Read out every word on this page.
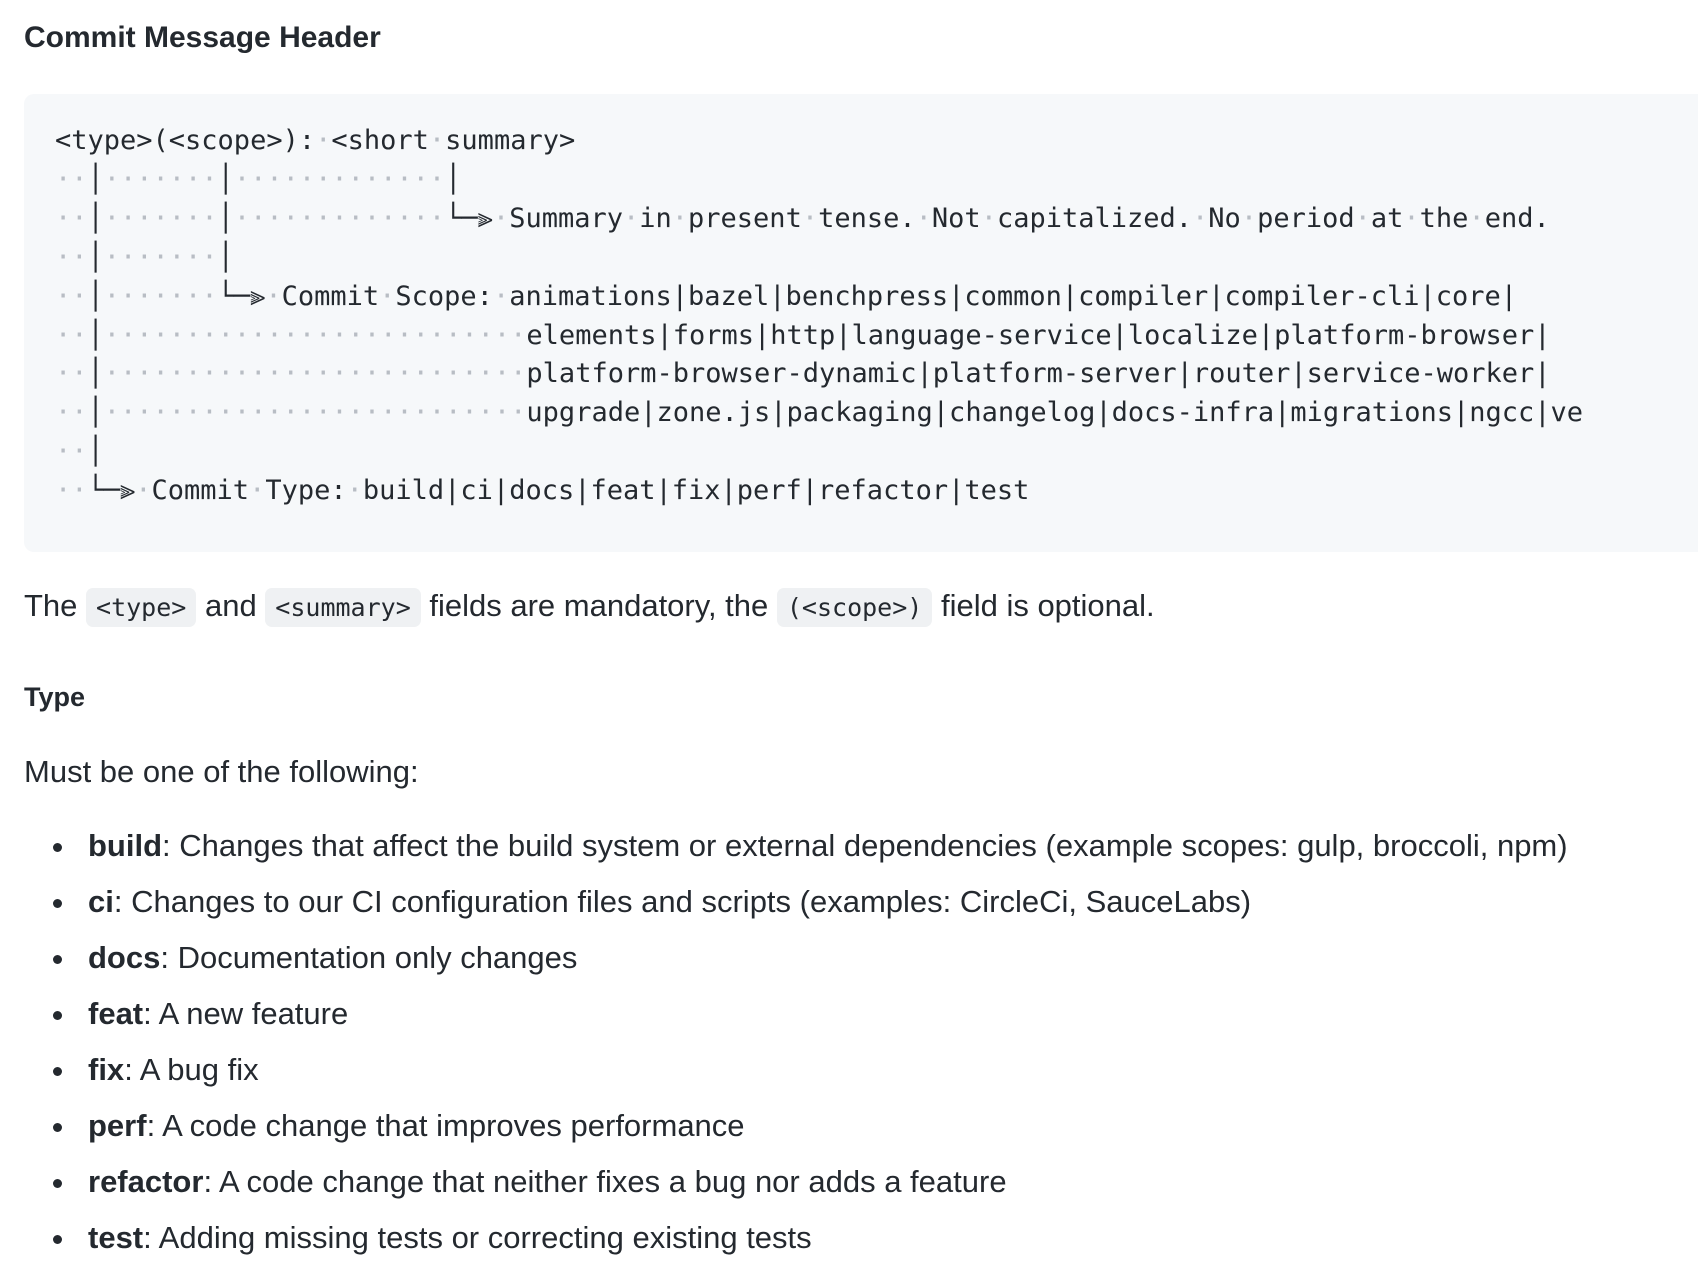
Commit Message Header
<type>(<scope>):·<short·summary>
··│·······│·············│
··│·······│·············└─⫸·Summary·in·present·tense.·Not·capitalized.·No·period·at·the·end.
··│·······│
··│·······└─⫸·Commit·Scope:·animations|bazel|benchpress|common|compiler|compiler-cli|core|
··│··························elements|forms|http|language-service|localize|platform-browser|
··│··························platform-browser-dynamic|platform-server|router|service-worker|
··│··························upgrade|zone.js|packaging|changelog|docs-infra|migrations|ngcc|ve
··│
··└─⫸·Commit·Type:·build|ci|docs|feat|fix|perf|refactor|test

The <type> and <summary> fields are mandatory, the (<scope>) field is optional.

Type

Must be one of the following:

build: Changes that affect the build system or external dependencies (example scopes: gulp, broccoli, npm)
ci: Changes to our CI configuration files and scripts (examples: CircleCi, SauceLabs)
docs: Documentation only changes
feat: A new feature
fix: A bug fix
perf: A code change that improves performance
refactor: A code change that neither fixes a bug nor adds a feature
test: Adding missing tests or correcting existing tests
